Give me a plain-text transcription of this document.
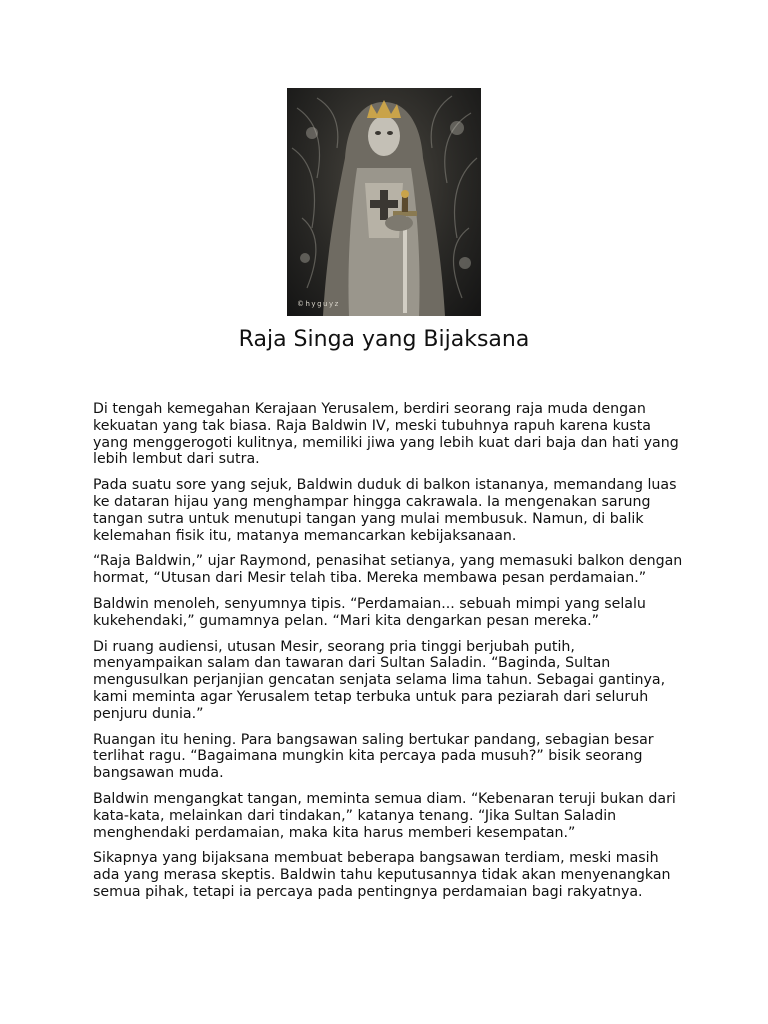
©hyguyz
Raja Singa yang Bijaksana

Di tengah kemegahan Kerajaan Yerusalem, berdiri seorang raja muda dengan kekuatan yang tak biasa. Raja Baldwin IV, meski tubuhnya rapuh karena kusta yang menggerogoti kulitnya, memiliki jiwa yang lebih kuat dari baja dan hati yang lebih lembut dari sutra.

Pada suatu sore yang sejuk, Baldwin duduk di balkon istananya, memandang luas ke dataran hijau yang menghampar hingga cakrawala. Ia mengenakan sarung tangan sutra untuk menutupi tangan yang mulai membusuk. Namun, di balik kelemahan fisik itu, matanya memancarkan kebijaksanaan.

“Raja Baldwin,” ujar Raymond, penasihat setianya, yang memasuki balkon dengan hormat, “Utusan dari Mesir telah tiba. Mereka membawa pesan perdamaian.”

Baldwin menoleh, senyumnya tipis. “Perdamaian... sebuah mimpi yang selalu kukehendaki,” gumamnya pelan. “Mari kita dengarkan pesan mereka.”

Di ruang audiensi, utusan Mesir, seorang pria tinggi berjubah putih, menyampaikan salam dan tawaran dari Sultan Saladin. “Baginda, Sultan mengusulkan perjanjian gencatan senjata selama lima tahun. Sebagai gantinya, kami meminta agar Yerusalem tetap terbuka untuk para peziarah dari seluruh penjuru dunia.”

Ruangan itu hening. Para bangsawan saling bertukar pandang, sebagian besar terlihat ragu. “Bagaimana mungkin kita percaya pada musuh?” bisik seorang bangsawan muda.

Baldwin mengangkat tangan, meminta semua diam. “Kebenaran teruji bukan dari kata-kata, melainkan dari tindakan,” katanya tenang. “Jika Sultan Saladin menghendaki perdamaian, maka kita harus memberi kesempatan.”

Sikapnya yang bijaksana membuat beberapa bangsawan terdiam, meski masih ada yang merasa skeptis. Baldwin tahu keputusannya tidak akan menyenangkan semua pihak, tetapi ia percaya pada pentingnya perdamaian bagi rakyatnya.
